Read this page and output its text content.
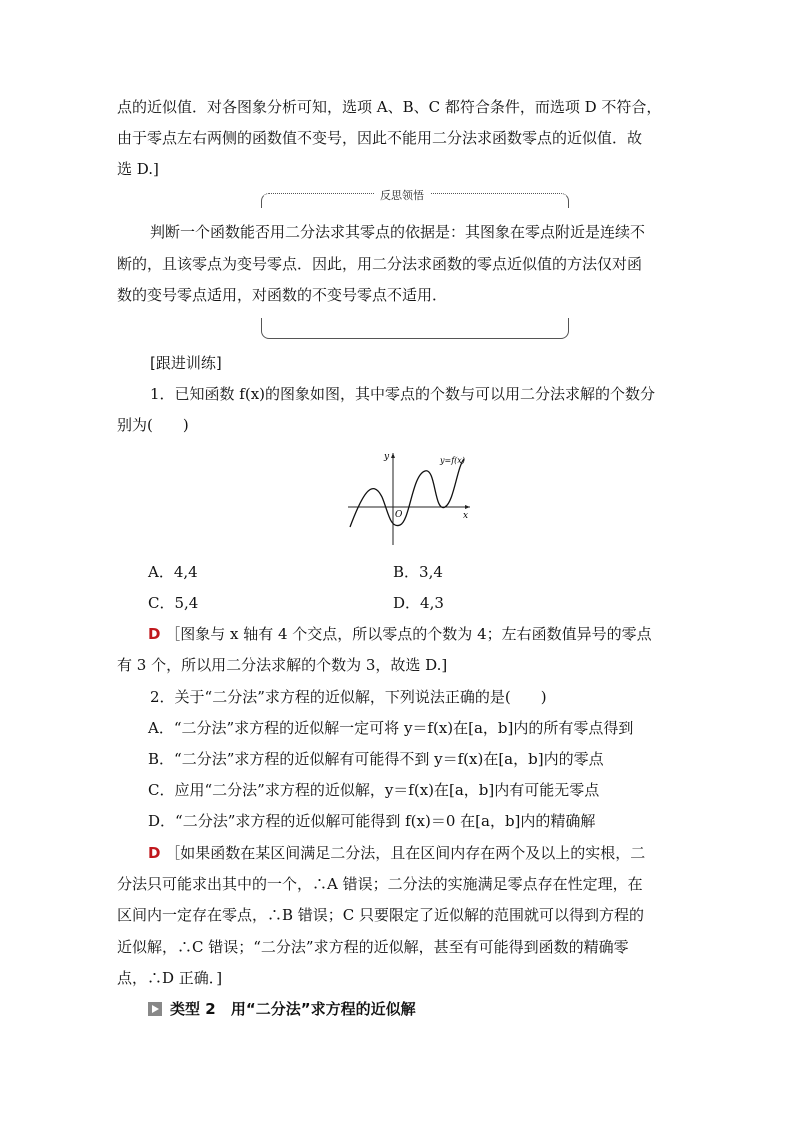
点的近似值．对各图象分析可知，选项 A、B、C 都符合条件，而选项 D 不符合，
由于零点左右两侧的函数值不变号，因此不能用二分法求函数零点的近似值．故
选 D.]
反思领悟
判断一个函数能否用二分法求其零点的依据是：其图象在零点附近是连续不
断的，且该零点为变号零点．因此，用二分法求函数的零点近似值的方法仅对函
数的变号零点适用，对函数的不变号零点不适用．
[跟进训练]
1．已知函数 f(x)的图象如图，其中零点的个数与可以用二分法求解的个数分
别为(　　)
y
x
O
y=f(x)
A．4,4	B．3,4
C．5,4	D．4,3
D ［图象与 x 轴有 4 个交点，所以零点的个数为 4；左右函数值异号的零点
有 3 个，所以用二分法求解的个数为 3，故选 D.]
2．关于“二分法”求方程的近似解，下列说法正确的是(　　)
A．“二分法”求方程的近似解一定可将 y＝f(x)在[a，b]内的所有零点得到
B．“二分法”求方程的近似解有可能得不到 y＝f(x)在[a，b]内的零点
C．应用“二分法”求方程的近似解，y＝f(x)在[a，b]内有可能无零点
D．“二分法”求方程的近似解可能得到 f(x)＝0 在[a，b]内的精确解
D ［如果函数在某区间满足二分法，且在区间内存在两个及以上的实根，二
分法只可能求出其中的一个，∴A 错误；二分法的实施满足零点存在性定理，在
区间内一定存在零点，∴B 错误；C 只要限定了近似解的范围就可以得到方程的
近似解，∴C 错误；“二分法”求方程的近似解，甚至有可能得到函数的精确零
点，∴D 正确．]
类型 2 用“二分法”求方程的近似解
